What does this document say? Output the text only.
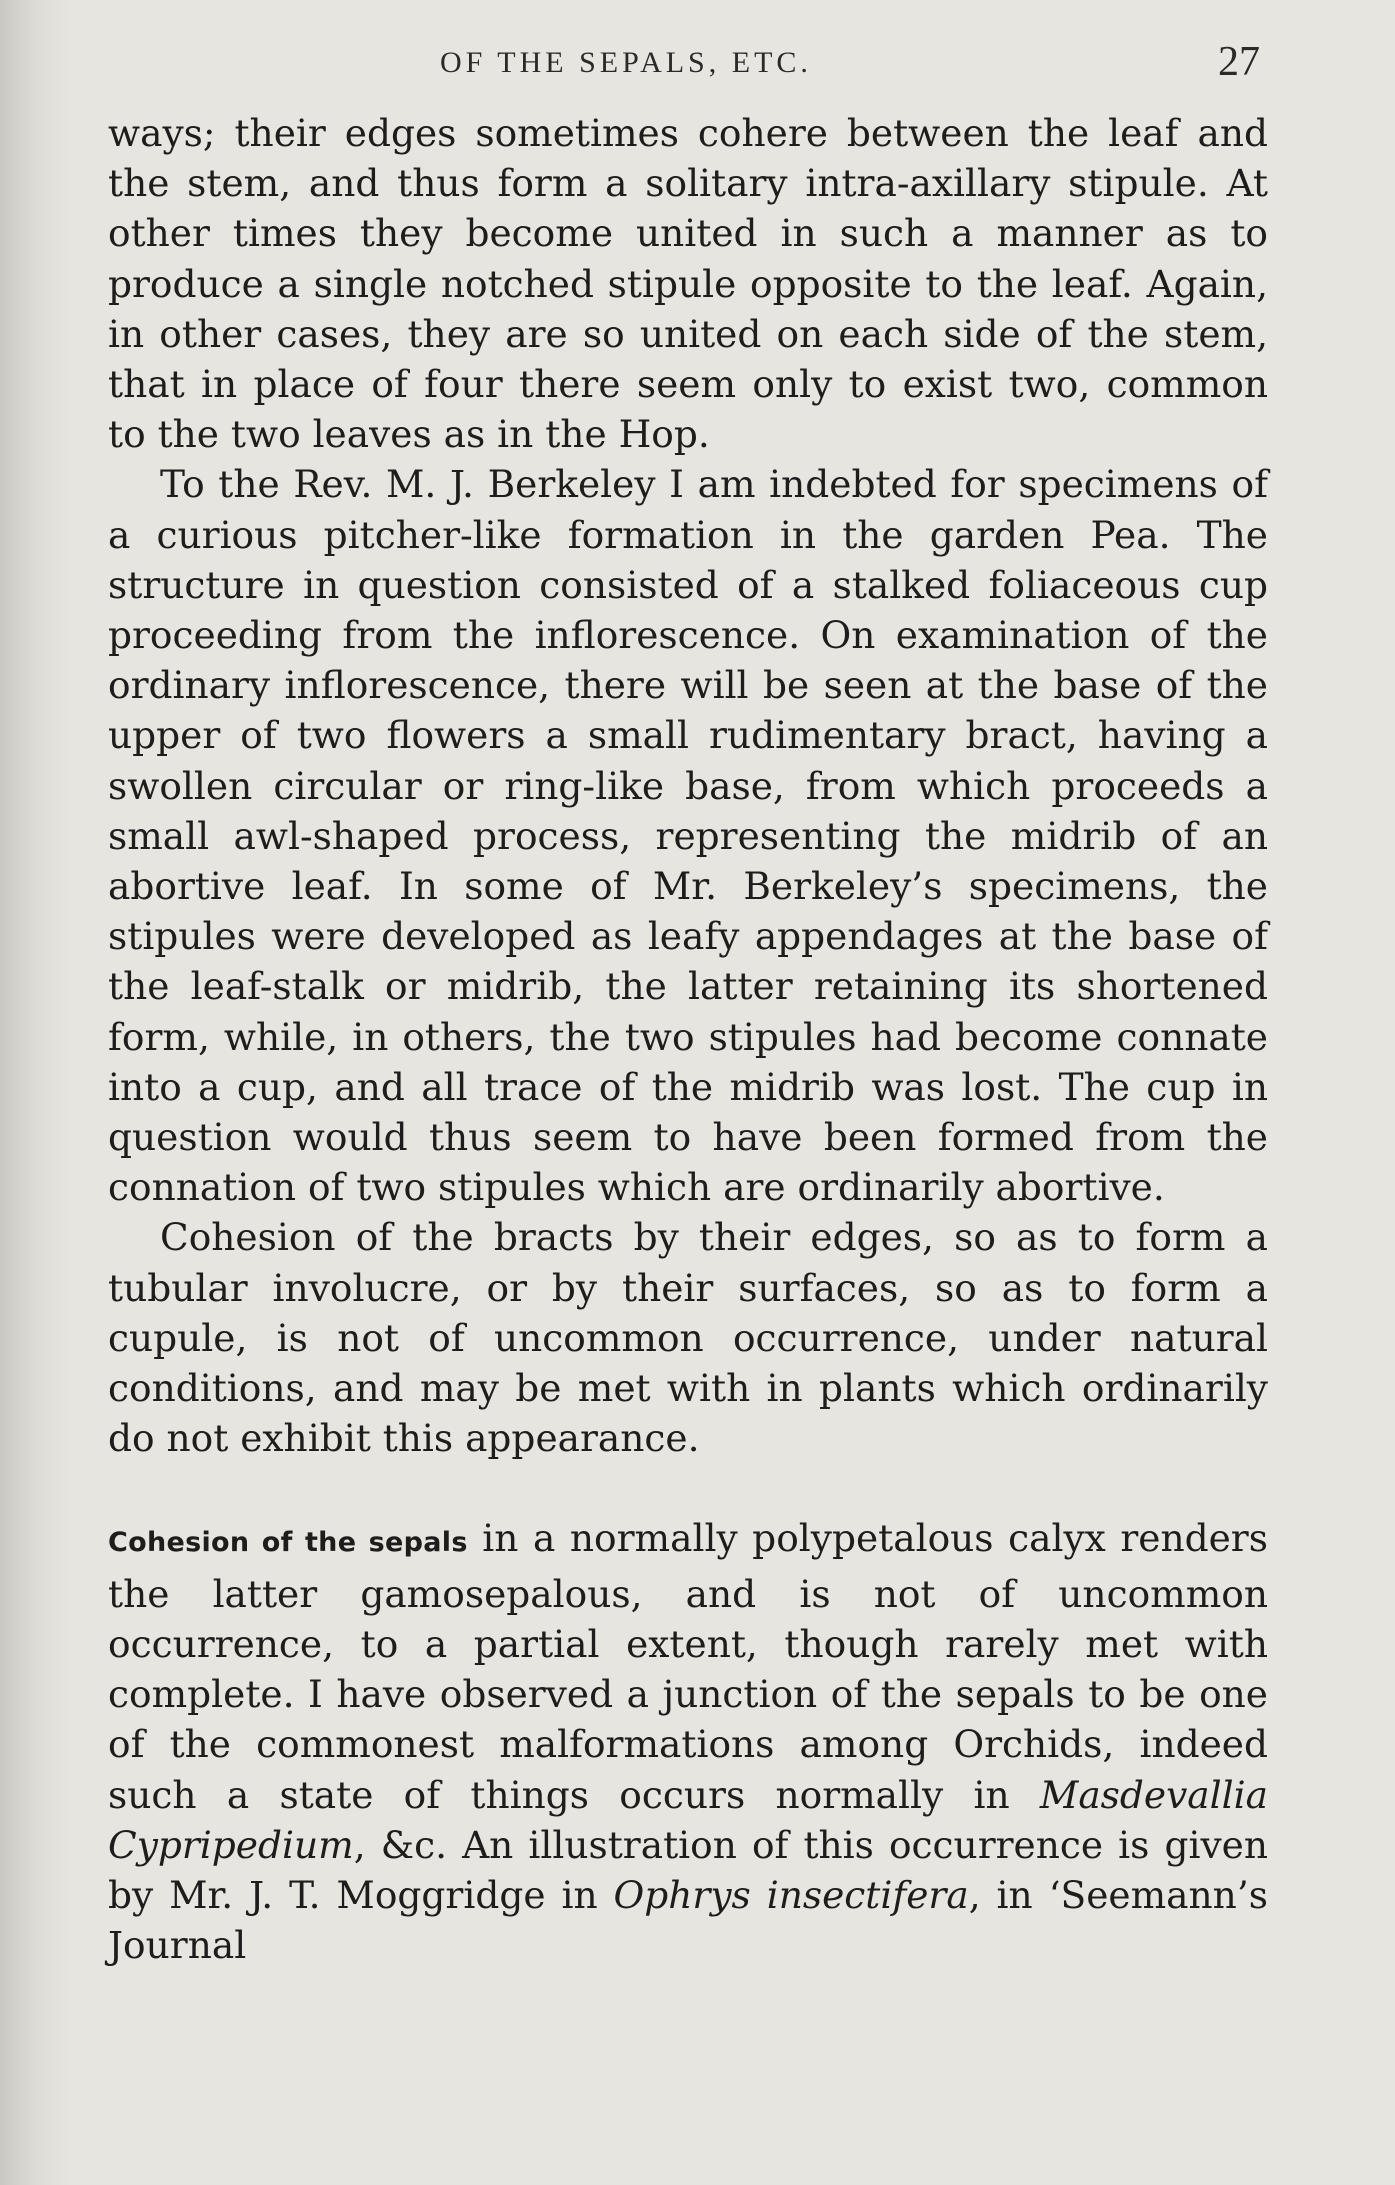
OF THE SEPALS, ETC.	27

ways; their edges sometimes cohere between the leaf and the stem, and thus form a solitary intra-axillary stipule. At other times they become united in such a manner as to produce a single notched stipule opposite to the leaf. Again, in other cases, they are so united on each side of the stem, that in place of four there seem only to exist two, common to the two leaves as in the Hop.

To the Rev. M. J. Berkeley I am indebted for specimens of a curious pitcher-like formation in the garden Pea. The structure in question consisted of a stalked foliaceous cup proceeding from the inflorescence. On examination of the ordinary inflorescence, there will be seen at the base of the upper of two flowers a small rudimentary bract, having a swollen circular or ring-like base, from which proceeds a small awl-shaped process, representing the midrib of an abortive leaf. In some of Mr. Berkeley’s specimens, the stipules were developed as leafy appendages at the base of the leaf-stalk or midrib, the latter retaining its shortened form, while, in others, the two stipules had become connate into a cup, and all trace of the midrib was lost. The cup in question would thus seem to have been formed from the connation of two stipules which are ordinarily abortive.

Cohesion of the bracts by their edges, so as to form a tubular involucre, or by their surfaces, so as to form a cupule, is not of uncommon occurrence, under natural conditions, and may be met with in plants which ordinarily do not exhibit this appearance.

Cohesion of the sepals in a normally polypetalous calyx renders the latter gamosepalous, and is not of uncommon occurrence, to a partial extent, though rarely met with complete. I have observed a junction of the sepals to be one of the commonest malformations among Orchids, indeed such a state of things occurs normally in Masdevallia Cypripedium, &c. An illustration of this occurrence is given by Mr. J. T. Moggridge in Ophrys insectifera, in ‘Seemann’s Journal
